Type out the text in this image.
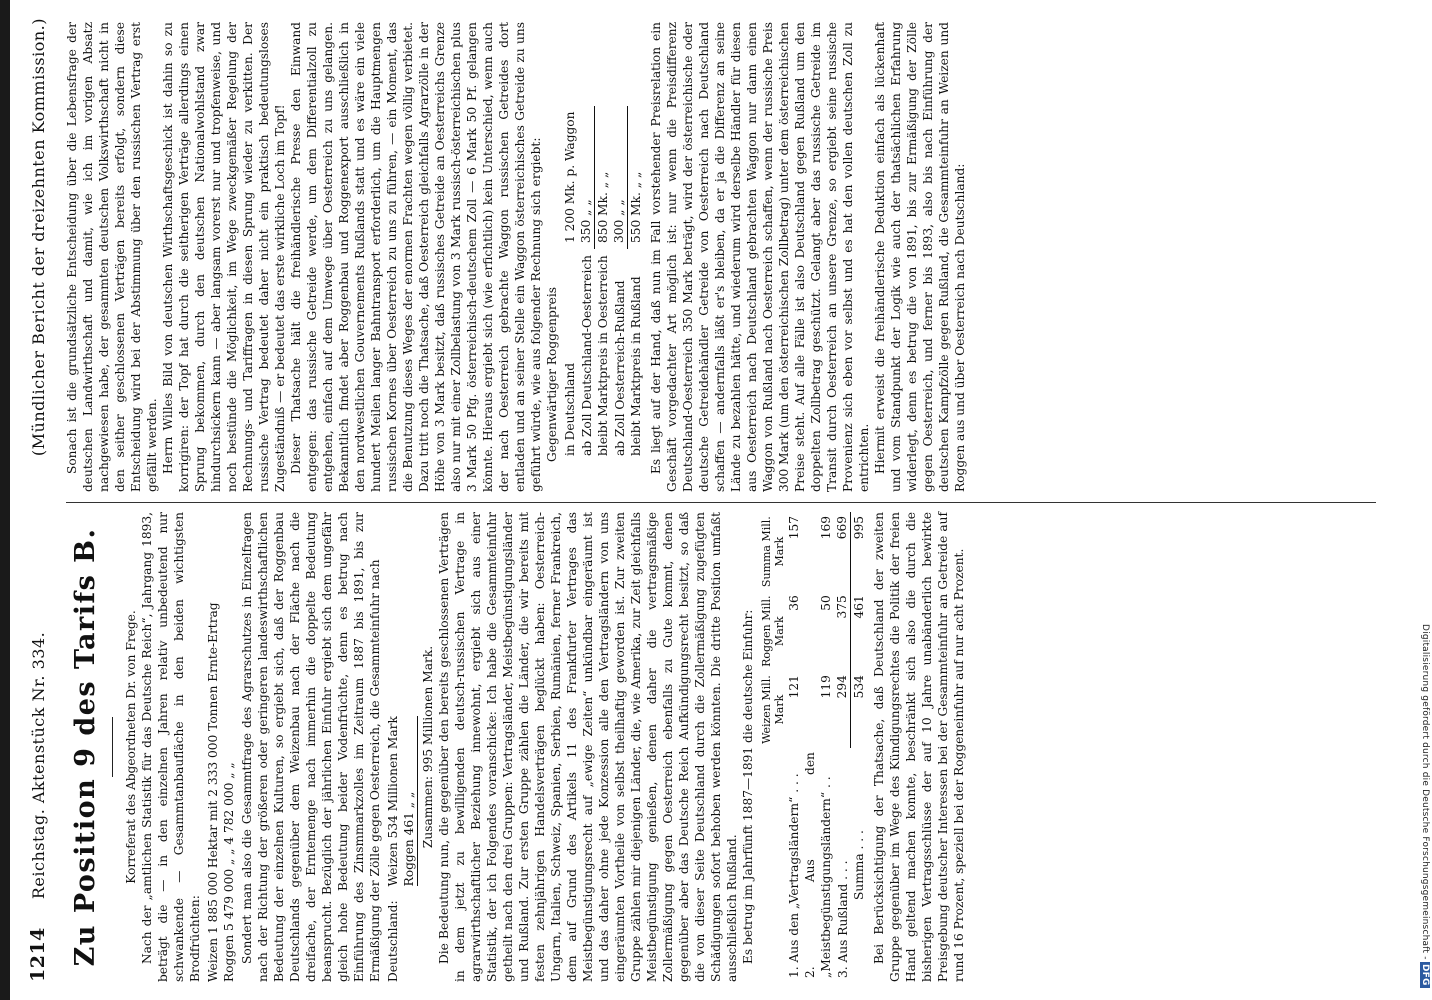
Digitalisierung gefördert durch die Deutsche Forschungsgemeinschaft - DFG
1214
Reichstag. Aktenstück Nr. 334.
(Mündlicher Bericht der dreizehnten Kommission.)
Zu Position 9 des Tarifs B. Korreferat des Abgeordneten Dr. von Frege. Nach der „amtlichen Statistik für das Deutsche Reich“, Jahrgang 1893, beträgt die — in den einzelnen Jahren relativ unbedeutend nur schwankende — Gesammtanbaufläche in den beiden wichtigsten Brodfrüchten: Weizen 1 885 000 Hektar mit 2 333 000 Tonnen Ernte-Ertrag
Roggen 5 479 000 „ „ 4 782 000 „ „ Sondert man also die Gesammtfrage des Agrarschutzes in Einzelfragen nach der Richtung der größeren oder geringeren landeswirthschaftlichen Bedeutung der einzelnen Kulturen, so ergiebt sich, daß der Roggenbau Deutschlands gegenüber dem Weizenbau nach der Fläche nach die dreifache, der Erntemenge nach immerhin die doppelte Bedeutung beansprucht. Bezüglich der jährlichen Einfuhr ergiebt sich dem ungefähr gleich hohe Bedeutung beider Vodenfrüchte, denn es betrug nach Einführung des Zinsmmarkzolles im Zeitraum 1887 bis 1891, bis zur Ermäßigung der Zölle gegen Oesterreich, die Gesammteinfuhr nach Deutschland:
Weizen 534 Millionen Mark Roggen 461 „ „ Zusammen: 995 Millionen Mark. Die Bedeutung nun, die gegenüber den bereits geschlossenen Verträgen in dem jetzt zu bewilligenden deutsch-russischen Vertrage in agrarwirthschaftlicher Beziehung innewohnt, ergiebt sich aus einer Statistik, der ich Folgendes voranschicke: Ich habe die Gesammteinfuhr getheilt nach den drei Gruppen: Vertragsländer, Meistbegünstigungsländer und Rußland. Zur ersten Gruppe zählen die Länder, die wir bereits mit festen zehnjährigen Handelsverträgen beglückt haben: Oesterreich-Ungarn, Italien, Schweiz, Spanien, Serbien, Rumänien, ferner Frankreich, dem auf Grund des Artikels 11 des Frankfurter Vertrages das Meistbegünstigungsrecht auf „ewige Zeiten“ unkündbar eingeräumt ist und das daher ohne jede Konzession alle den Vertragsländern von uns eingeräumten Vortheile von selbst theilhaftig geworden ist. Zur zweiten Gruppe zählen mir diejenigen Länder, die, wie Amerika, zur Zeit gleichfalls Meistbegünstigung genießen, denen daher die vertragsmäßige Zollermäßigung gegen Oesterreich ebenfalls zu Gute kommt, denen gegenüber aber das Deutsche Reich Aufkündigungsrecht besitzt, so daß die von dieser Seite Deutschland durch die Zollermäßigung zugefügten Schädigungen sofort behoben werden könnten. Die dritte Position umfaßt ausschließlich Rußland. Es betrug im Jahrfünft 1887—1891 die deutsche Einfuhr:

	Weizen Mill. Mark	Roggen Mill. Mark	Summa Mill. Mark
1. Aus den „Vertragsländern“ . . .	121	36	157
2. Aus den „Meistbegünstigungsländern“ . .	119	50	169
3. Aus Rußland . . .	294	375	669
Summa . . .	534	461	995 Bei Berücksichtigung der Thatsache, daß Deutschland der zweiten Gruppe gegenüber im Wege des Kündigungsrechtes die Politik der freien Hand geltend machen konnte, beschränkt sich also die durch die bisherigen Vertragsschlüsse der auf 10 Jahre unabänderlich bewirkte Preisgebung deutscher Interessen bei der Gesammteinfuhr an Getreide auf rund 16 Prozent, speziell bei der Roggeneinfuhr auf nur acht Prozent.

Sonach ist die grundsätzliche Entscheidung über die Lebensfrage der deutschen Landwirthschaft und damit, wie ich im vorigen Absatz nachgewiesen habe, der gesammten deutschen Volkswirthschaft nicht in den seither geschlossenen Verträgen bereits erfolgt, sondern diese Entscheidung wird bei der Abstimmung über den russischen Vertrag erst gefällt werden. Herrn Willes Bild von deutschen Wirthschaftsgeschick ist dahin so zu korrigiren: der Topf hat durch die seitherigen Verträge allerdings einen Sprung bekommen, durch den deutschen Nationalwohlstand zwar hindurchsickern kann — aber langsam vorerst nur und tropfenweise, und noch bestünde die Möglichkeit, im Wege zweckgemäßer Regelung der Rechnungs- und Tariffragen in diesen Sprung wieder zu verkitten. Der russische Vertrag bedeutet daher nicht ein praktisch bedeutungsloses Zugeständniß — er bedeutet das erste wirkliche Loch im Topf! Dieser Thatsache hält die freihändlerische Presse den Einwand entgegen: das russische Getreide werde, um dem Differentialzoll zu entgehen, einfach auf dem Umwege über Oesterreich zu uns gelangen. Bekanntlich findet aber Roggenbau und Roggenexport ausschließlich in den nordwestlichen Gouvernements Rußlands statt und es wäre ein viele hundert Meilen langer Bahntransport erforderlich, um die Hauptmengen russischen Kornes über Oesterreich zu uns zu führen, — ein Moment, das die Benutzung dieses Weges der enormen Frachten wegen völlig verbietet. Dazu tritt noch die Thatsache, daß Oesterreich gleichfalls Agrarzölle in der Höhe von 3 Mark besitzt, daß russisches Getreide an Oesterreichs Grenze also nur mit einer Zollbelastung von 3 Mark russisch-österreichischen plus 3 Mark 50 Pfg. österreichisch-deutschem Zoll — 6 Mark 50 Pf. gelangen könnte. Hieraus ergiebt sich (wie erfichtlich) kein Unterschied, wenn auch der nach Oesterreich gebrachte Waggon russischen Getreides dort entladen und an seiner Stelle ein Waggon österreichisches Getreide zu uns geführt würde, wie aus folgender Rechnung sich ergiebt: Gegenwärtiger Roggenpreis in Deutschland	1 200 Mk. p. Waggon
ab Zoll Deutschland-Oesterreich	350 „ „
bleibt Marktpreis in Oesterreich	850 Mk. „ „
ab Zoll Oesterreich-Rußland	300 „ „
bleibt Marktpreis in Rußland	550 Mk. „ „ Es liegt auf der Hand, daß nun im Fall vorstehender Preisrelation ein Geschäft vorgedachter Art möglich ist: nur wenn die Preisdifferenz Deutschland-Oesterreich 350 Mark beträgt, wird der österreichische oder deutsche Getreidehändler Getreide von Oesterreich nach Deutschland schaffen — andernfalls läßt er's bleiben, da er ja die Differenz an seine Lände zu bezahlen hätte, und wiederum wird derselbe Händler für diesen aus Oesterreich nach Deutschland gebrachten Waggon nur dann einen Waggon von Rußland nach Oesterreich schaffen, wenn der russische Preis 300 Mark (um den österreichischen Zollbetrag) unter dem österreichischen Preise steht. Auf alle Fälle ist also Deutschland gegen Rußland um den doppelten Zollbetrag geschützt. Gelangt aber das russische Getreide im Transit durch Oesterreich an unsere Grenze, so ergiebt seine russische Provenienz sich eben vor selbst und es hat den vollen deutschen Zoll zu entrichten. Hiermit erweist die freihändlerische Deduktion einfach als lückenhaft und vom Standpunkt der Logik wie auch der thatsächlichen Erfahrung widerlegt, denn es betrug die von 1891, bis zur Ermäßigung der Zölle gegen Oesterreich, und ferner bis 1893, also bis nach Einführung der deutschen Kampfzölle gegen Rußland, die Gesammteinfuhr an Weizen und Roggen aus und über Oesterreich nach Deutschland:
